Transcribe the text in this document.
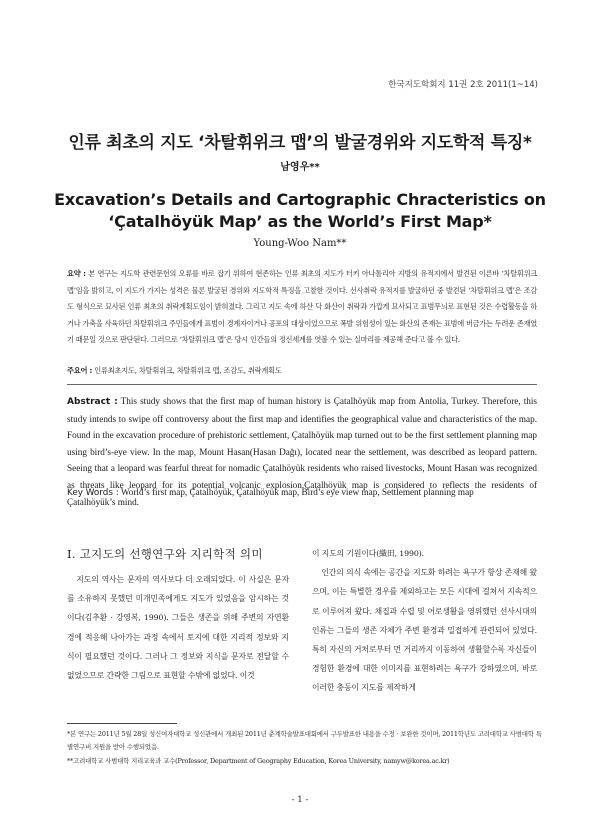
한국지도학회지 11권 2호 2011(1~14)
인류 최초의 지도 ‘차탈휘위크 맵’의 발굴경위와 지도학적 특징*
남영우**
Excavation’s Details and Cartographic Chracteristics on
‘Çatalhöyük Map’ as the World’s First Map*
Young-Woo Nam**
요약 : 본 연구는 지도학 관련문헌의 오류를 바로 잡기 위하여 현존하는 인류 최초의 지도가 터키 아나톨리아 지방의 유적지에서 발견된 이른바 ‘차탈휘위크 맵’임을 밝히고, 이 지도가 가지는 성격은 물론 발굴된 경위와 지도학적 특징을 고찰한 것이다. 선사취락 유적지를 발굴하던 중 발견된 ‘차탈휘위크 맵’은 조감도 형식으로 묘사된 인류 최초의 취락계획도임이 밝혀졌다. 그리고 지도 속에 하산 닥 화산이 취락과 가깝게 묘사되고 표범무늬로 표현된 것은 수렵활동을 하거나 가축을 사육하던 차탈휘위크 주민들에게 표범이 경계자이거나 공포의 대상이었으므로 폭발 위험성이 있는 화산의 존재는 표범에 버금가는 두려운 존재였기 때문일 것으로 판단된다. 그러므로 ‘차탈휘위크 맵’은 당시 인간들의 정신세계를 엿볼 수 있는 실마리를 제공해 준다고 볼 수 있다.
주요어 : 인류최초지도, 차탈휘위크, 차탈휘위크 맵, 조감도, 취락계획도
Abstract : This study shows that the first map of human history is Çatalhöyük map from Antolia, Turkey. Therefore, this study intends to swipe off controversy about the first map and identifies the geographical value and characteristics of the map. Found in the excavation procedure of prehistoric settlement, Çatalhöyük map turned out to be the first settlement planning map using bird’s-eye view. In the map, Mount Hasan(Hasan Dağı), located near the settlement, was described as leopard pattern. Seeing that a leopard was fearful threat for nomadic Çatalhöyük residents who raised livestocks, Mount Hasan was recognized as threats like leopard for its potential volcanic explosion.Çatalhöyük map is considered to reflects the residents of Çatalhöyük’s mind.
Key Words : World’s first map, Çatalhöyük, Çatalhöyük map, Bird’s eye view map, Settlement planning map
I. 고지도의 선행연구와 지리학적 의미

지도의 역사는 문자의 역사보다 더 오래되었다. 이 사실은 문자를 소유하지 못했던 미개민족에게도 지도가 있었음을 암시하는 것이다(김추환 · 강영복, 1990). 그들은 생존을 위해 주변의 자연환경에 적응해 나아가는 과정 속에서 토지에 대한 지리적 정보와 지식이 필요했던 것이다. 그러나 그 정보와 지식을 문자로 전달할 수 없었으므로 간략한 그림으로 표현할 수밖에 없었다. 이것

이 지도의 기원이다(織田, 1990).

인간의 의식 속에는 공간을 지도화 하려는 욕구가 항상 존재해 왔으며, 이는 특별한 경우를 제외하고는 모든 시대에 걸쳐서 지속적으로 이루어져 왔다. 채집과 수렵 및 어로생활을 영위했던 선사시대의 인류는 그들의 생존 자체가 주변 환경과 밀접하게 관련되어 있었다. 특히 자신의 거처로부터 먼 거리까지 이동하여 생활할수록 자신들이 경험한 환경에 대한 이미지를 표현하려는 욕구가 강하였으며, 바로 이러한 충동이 지도를 제작하게

*본 연구는 2011년 5월 28일 성신여자대학교 성신관에서 개최된 2011년 춘계학술발표대회에서 구두발표한 내용을 수정 · 보완한 것이며, 2011학년도 고려대학교 사범대학 특별연구비 지원을 받아 수행되었음.
**고려대학교 사범대학 지리교육과 교수(Professor, Department of Geography Education, Korea University, namyw@korea.ac.kr)
- 1 -
